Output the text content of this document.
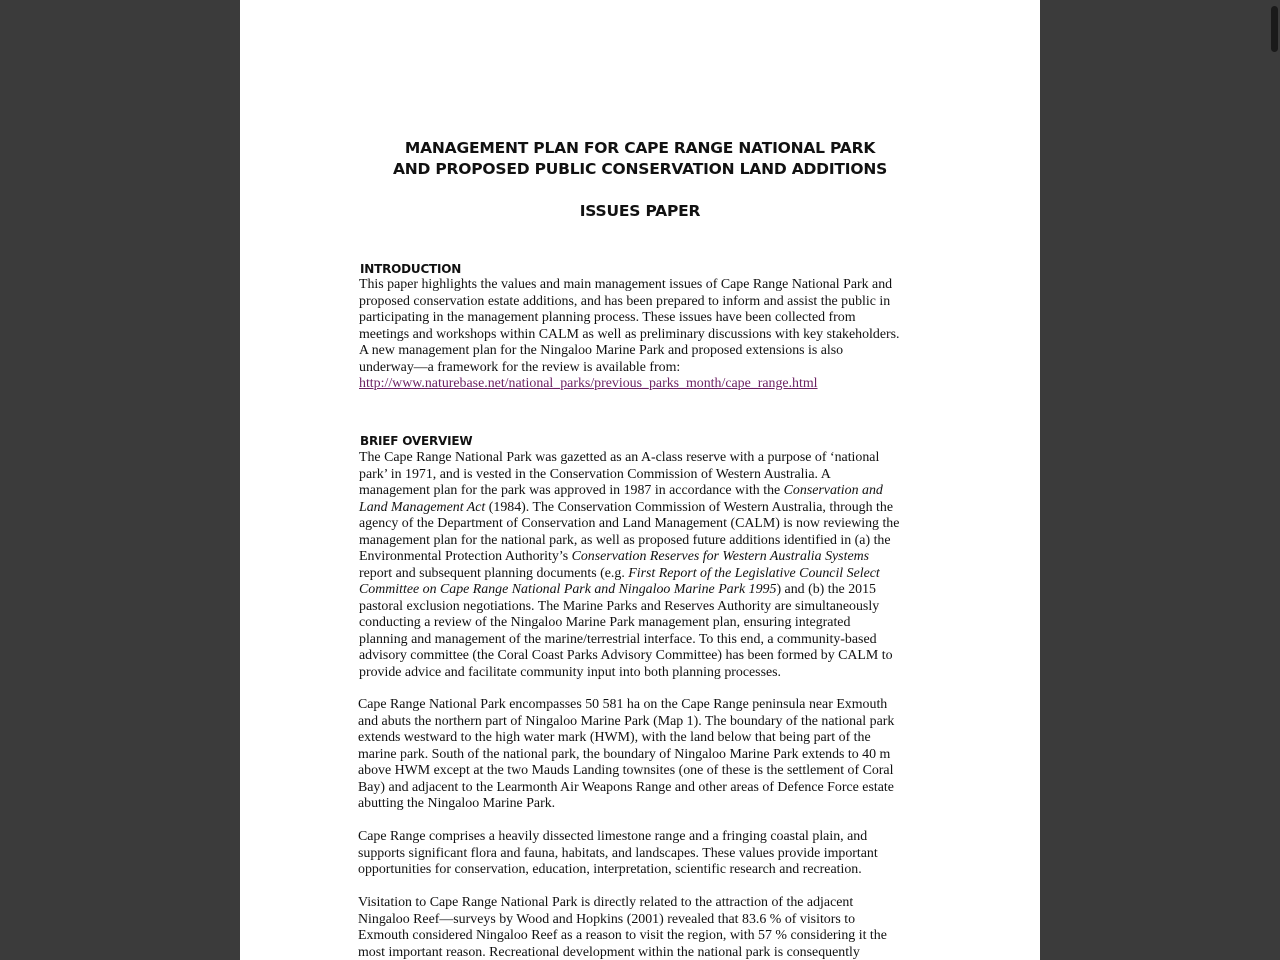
MANAGEMENT PLAN FOR CAPE RANGE NATIONAL PARK
AND PROPOSED PUBLIC CONSERVATION LAND ADDITIONS
ISSUES PAPER
INTRODUCTION
This paper highlights the values and main management issues of Cape Range National Park and
proposed conservation estate additions, and has been prepared to inform and assist the public in
participating in the management planning process. These issues have been collected from
meetings and workshops within CALM as well as preliminary discussions with key stakeholders.
A new management plan for the Ningaloo Marine Park and proposed extensions is also
underway—a framework for the review is available from:
http://www.naturebase.net/national_parks/previous_parks_month/cape_range.html
BRIEF OVERVIEW
The Cape Range National Park was gazetted as an A-class reserve with a purpose of ‘national
park’ in 1971, and is vested in the Conservation Commission of Western Australia. A
management plan for the park was approved in 1987 in accordance with the Conservation and
Land Management Act (1984). The Conservation Commission of Western Australia, through the
agency of the Department of Conservation and Land Management (CALM) is now reviewing the
management plan for the national park, as well as proposed future additions identified in (a) the
Environmental Protection Authority’s Conservation Reserves for Western Australia Systems
report and subsequent planning documents (e.g. First Report of the Legislative Council Select
Committee on Cape Range National Park and Ningaloo Marine Park 1995) and (b) the 2015
pastoral exclusion negotiations. The Marine Parks and Reserves Authority are simultaneously
conducting a review of the Ningaloo Marine Park management plan, ensuring integrated
planning and management of the marine/terrestrial interface. To this end, a community-based
advisory committee (the Coral Coast Parks Advisory Committee) has been formed by CALM to
provide advice and facilitate community input into both planning processes.
Cape Range National Park encompasses 50 581 ha on the Cape Range peninsula near Exmouth
and abuts the northern part of Ningaloo Marine Park (Map 1). The boundary of the national park
extends westward to the high water mark (HWM), with the land below that being part of the
marine park. South of the national park, the boundary of Ningaloo Marine Park extends to 40 m
above HWM except at the two Mauds Landing townsites (one of these is the settlement of Coral
Bay) and adjacent to the Learmonth Air Weapons Range and other areas of Defence Force estate
abutting the Ningaloo Marine Park.
Cape Range comprises a heavily dissected limestone range and a fringing coastal plain, and
supports significant flora and fauna, habitats, and landscapes. These values provide important
opportunities for conservation, education, interpretation, scientific research and recreation.
Visitation to Cape Range National Park is directly related to the attraction of the adjacent
Ningaloo Reef—surveys by Wood and Hopkins (2001) revealed that 83.6 % of visitors to
Exmouth considered Ningaloo Reef as a reason to visit the region, with 57 % considering it the
most important reason. Recreational development within the national park is consequently
